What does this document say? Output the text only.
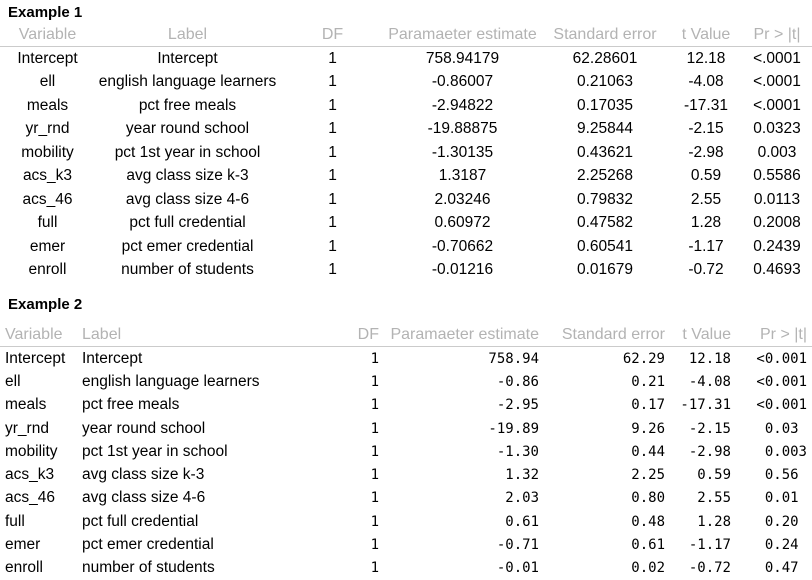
Example 1
Variable	Label	DF	Paramaeter estimate	Standard error	t Value	Pr > |t|
Intercept	Intercept	1	758.94179	62.28601	12.18	<.0001
ell	english language learners	1	-0.86007	0.21063	-4.08	<.0001
meals	pct free meals	1	-2.94822	0.17035	-17.31	<.0001
yr_rnd	year round school	1	-19.88875	9.25844	-2.15	0.0323
mobility	pct 1st year in school	1	-1.30135	0.43621	-2.98	0.003
acs_k3	avg class size k-3	1	1.3187	2.25268	0.59	0.5586
acs_46	avg class size 4-6	1	2.03246	0.79832	2.55	0.0113
full	pct full credential	1	0.60972	0.47582	1.28	0.2008
emer	pct emer credential	1	-0.70662	0.60541	-1.17	0.2439
enroll	number of students	1	-0.01216	0.01679	-0.72	0.4693
Example 2
Variable	Label	DF	Paramaeter estimate	Standard error	t Value	Pr > |t|
Intercept	Intercept	1	758.94	62.29	12.18	<0.001
ell	english language learners	1	-0.86	0.21	-4.08	<0.001
meals	pct free meals	1	-2.95	0.17	-17.31	<0.001
yr_rnd	year round school	1	-19.89	9.26	-2.15	0.03
mobility	pct 1st year in school	1	-1.30	0.44	-2.98	0.003
acs_k3	avg class size k-3	1	1.32	2.25	0.59	0.56
acs_46	avg class size 4-6	1	2.03	0.80	2.55	0.01
full	pct full credential	1	0.61	0.48	1.28	0.20
emer	pct emer credential	1	-0.71	0.61	-1.17	0.24
enroll	number of students	1	-0.01	0.02	-0.72	0.47
